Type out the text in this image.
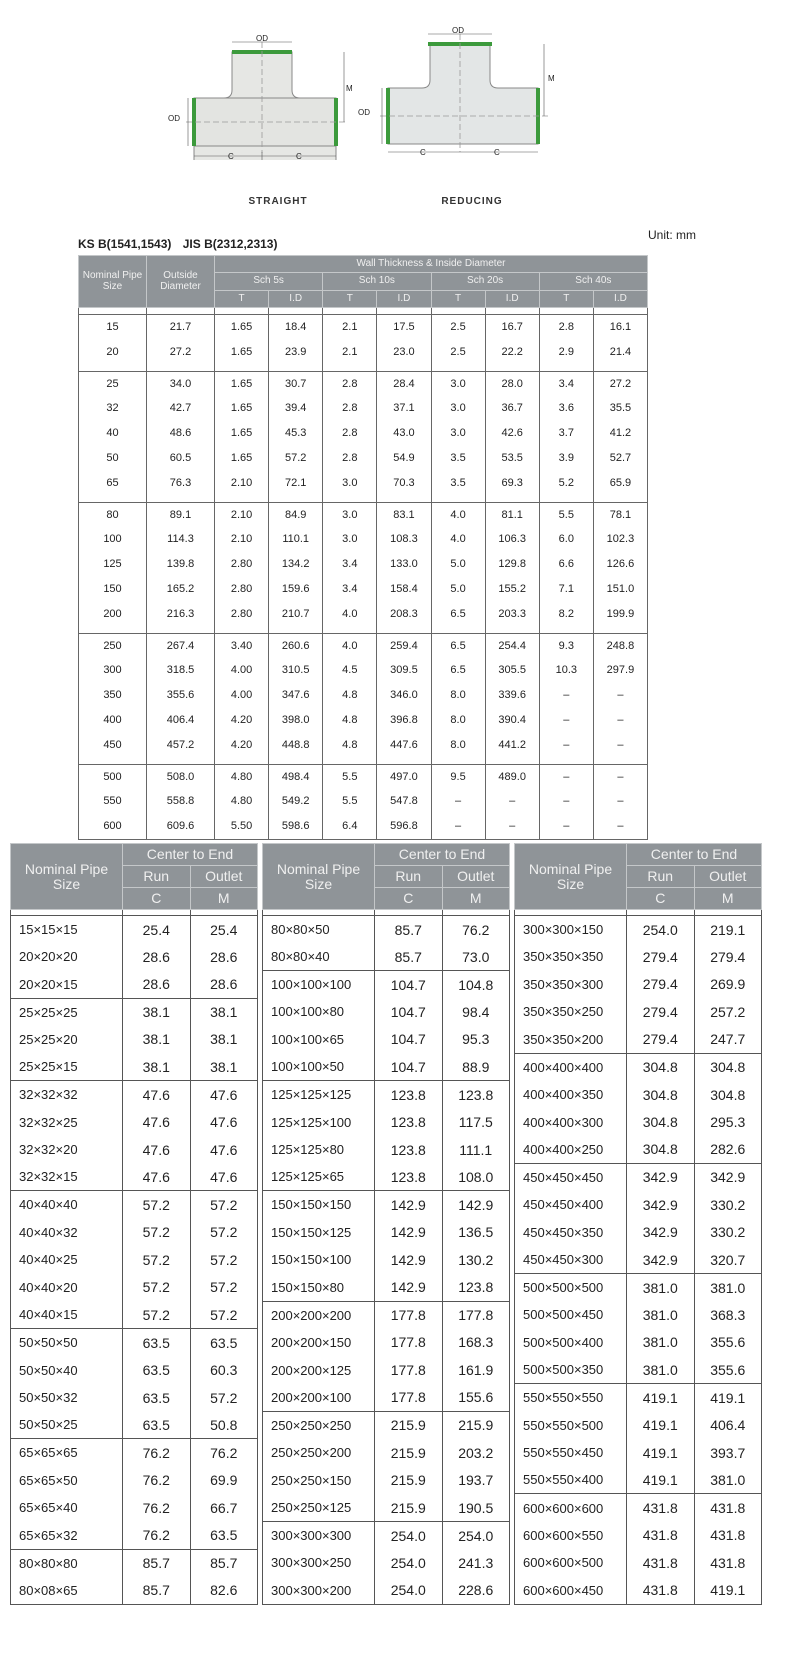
OD
OD
M
C	C
STRAIGHT
OD
OD
M
C	C
REDUCING
KS B(1541,1543) JIS B(2312,2313)
Unit: mm
Nominal Pipe Size	Outside Diameter	Wall Thickness & Inside Diameter							
		Sch 5s		Sch 10s		Sch 20s		Sch 40s	
		T	I.D	T	I.D	T	I.D	T	I.D

15	21.7	1.65	18.4	2.1	17.5	2.5	16.7	2.8	16.1
20	27.2	1.65	23.9	2.1	23.0	2.5	22.2	2.9	21.4

25	34.0	1.65	30.7	2.8	28.4	3.0	28.0	3.4	27.2
32	42.7	1.65	39.4	2.8	37.1	3.0	36.7	3.6	35.5
40	48.6	1.65	45.3	2.8	43.0	3.0	42.6	3.7	41.2
50	60.5	1.65	57.2	2.8	54.9	3.5	53.5	3.9	52.7
65	76.3	2.10	72.1	3.0	70.3	3.5	69.3	5.2	65.9

80	89.1	2.10	84.9	3.0	83.1	4.0	81.1	5.5	78.1
100	114.3	2.10	110.1	3.0	108.3	4.0	106.3	6.0	102.3
125	139.8	2.80	134.2	3.4	133.0	5.0	129.8	6.6	126.6
150	165.2	2.80	159.6	3.4	158.4	5.0	155.2	7.1	151.0
200	216.3	2.80	210.7	4.0	208.3	6.5	203.3	8.2	199.9

250	267.4	3.40	260.6	4.0	259.4	6.5	254.4	9.3	248.8
300	318.5	4.00	310.5	4.5	309.5	6.5	305.5	10.3	297.9
350	355.6	4.00	347.6	4.8	346.0	8.0	339.6	–	–
400	406.4	4.20	398.0	4.8	396.8	8.0	390.4	–	–
450	457.2	4.20	448.8	4.8	447.6	8.0	441.2	–	–

500	508.0	4.80	498.4	5.5	497.0	9.5	489.0	–	–
550	558.8	4.80	549.2	5.5	547.8	–	–	–	–
600	609.6	5.50	598.6	6.4	596.8	–	–	–	–
Nominal Pipe Size	Center to End	
	Run	Outlet
	C	M

15×15×15	25.4	25.4
20×20×20	28.6	28.6
20×20×15	28.6	28.6
25×25×25	38.1	38.1
25×25×20	38.1	38.1
25×25×15	38.1	38.1
32×32×32	47.6	47.6
32×32×25	47.6	47.6
32×32×20	47.6	47.6
32×32×15	47.6	47.6
40×40×40	57.2	57.2
40×40×32	57.2	57.2
40×40×25	57.2	57.2
40×40×20	57.2	57.2
40×40×15	57.2	57.2
50×50×50	63.5	63.5
50×50×40	63.5	60.3
50×50×32	63.5	57.2
50×50×25	63.5	50.8
65×65×65	76.2	76.2
65×65×50	76.2	69.9
65×65×40	76.2	66.7
65×65×32	76.2	63.5
80×80×80	85.7	85.7
80×08×65	85.7	82.6
Nominal Pipe Size	Center to End	
	Run	Outlet
	C	M

80×80×50	85.7	76.2
80×80×40	85.7	73.0
100×100×100	104.7	104.8
100×100×80	104.7	98.4
100×100×65	104.7	95.3
100×100×50	104.7	88.9
125×125×125	123.8	123.8
125×125×100	123.8	117.5
125×125×80	123.8	111.1
125×125×65	123.8	108.0
150×150×150	142.9	142.9
150×150×125	142.9	136.5
150×150×100	142.9	130.2
150×150×80	142.9	123.8
200×200×200	177.8	177.8
200×200×150	177.8	168.3
200×200×125	177.8	161.9
200×200×100	177.8	155.6
250×250×250	215.9	215.9
250×250×200	215.9	203.2
250×250×150	215.9	193.7
250×250×125	215.9	190.5
300×300×300	254.0	254.0
300×300×250	254.0	241.3
300×300×200	254.0	228.6
Nominal Pipe Size	Center to End	
	Run	Outlet
	C	M

300×300×150	254.0	219.1
350×350×350	279.4	279.4
350×350×300	279.4	269.9
350×350×250	279.4	257.2
350×350×200	279.4	247.7
400×400×400	304.8	304.8
400×400×350	304.8	304.8
400×400×300	304.8	295.3
400×400×250	304.8	282.6
450×450×450	342.9	342.9
450×450×400	342.9	330.2
450×450×350	342.9	330.2
450×450×300	342.9	320.7
500×500×500	381.0	381.0
500×500×450	381.0	368.3
500×500×400	381.0	355.6
500×500×350	381.0	355.6
550×550×550	419.1	419.1
550×550×500	419.1	406.4
550×550×450	419.1	393.7
550×550×400	419.1	381.0
600×600×600	431.8	431.8
600×600×550	431.8	431.8
600×600×500	431.8	431.8
600×600×450	431.8	419.1
